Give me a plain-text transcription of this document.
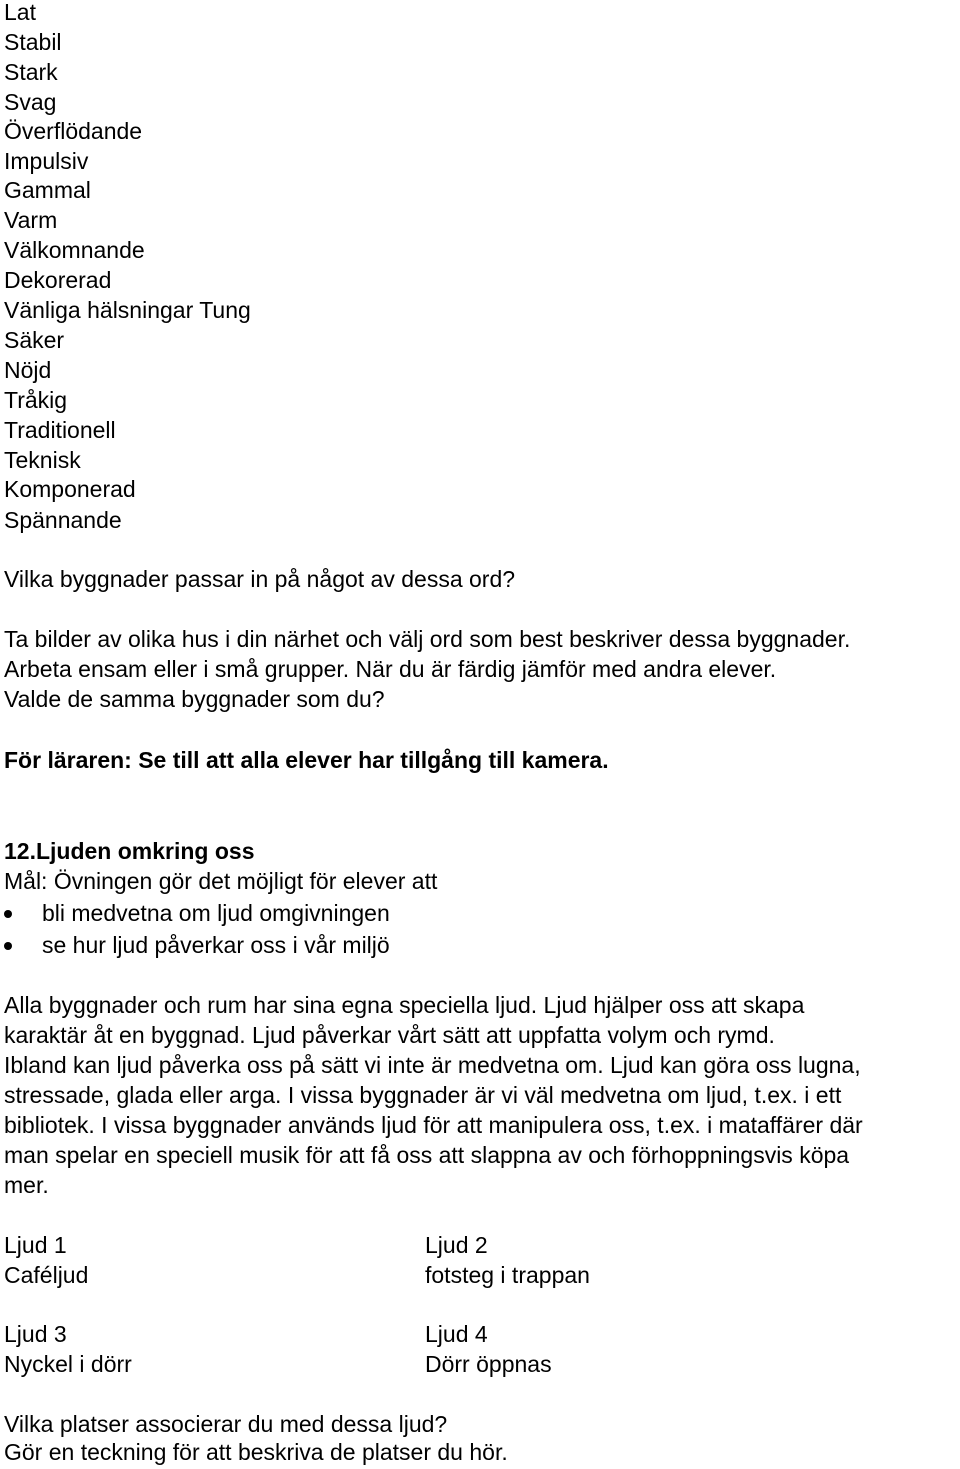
Lat
Stabil
Stark
Svag
Överflödande
Impulsiv
Gammal
Varm
Välkomnande
Dekorerad
Vänliga hälsningar Tung
Säker
Nöjd
Tråkig
Traditionell
Teknisk
Komponerad
Spännande
Vilka byggnader passar in på något av dessa ord?
Ta bilder av olika hus i din närhet och välj ord som best beskriver dessa byggnader.
Arbeta ensam eller i små grupper. När du är färdig jämför med andra elever.
Valde de samma byggnader som du?
För läraren: Se till att alla elever har tillgång till kamera.
12.Ljuden omkring oss
Mål: Övningen gör det möjligt för elever att
bli medvetna om ljud omgivningen
se hur ljud påverkar oss i vår miljö
Alla byggnader och rum har sina egna speciella ljud. Ljud hjälper oss att skapa
karaktär åt en byggnad. Ljud påverkar vårt sätt att uppfatta volym och rymd.
Ibland kan ljud påverka oss på sätt vi inte är medvetna om. Ljud kan göra oss lugna,
stressade, glada eller arga. I vissa byggnader är vi väl medvetna om ljud, t.ex. i ett
bibliotek. I vissa byggnader används ljud för att manipulera oss, t.ex. i mataffärer där
man spelar en speciell musik för att få oss att slappna av och förhoppningsvis köpa
mer.
Ljud 1
Caféljud
Ljud 2
fotsteg i trappan
Ljud 3
Nyckel i dörr
Ljud 4
Dörr öppnas
Vilka platser associerar du med dessa ljud?
Gör en teckning för att beskriva de platser du hör.
